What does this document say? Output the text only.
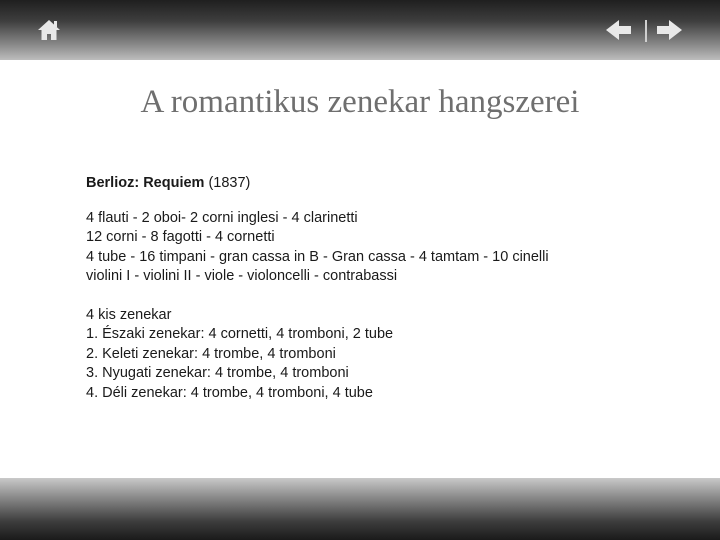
A romantikus zenekar hangszerei
Berlioz: Requiem (1837)
4 flauti - 2 oboi- 2 corni inglesi - 4 clarinetti
12 corni - 8 fagotti - 4 cornetti
4 tube - 16 timpani - gran cassa in B - Gran cassa - 4 tamtam - 10 cinelli
violini I - violini II - viole - violoncelli - contrabassi
4 kis zenekar
1. Északi zenekar: 4 cornetti, 4 tromboni, 2 tube
2. Keleti zenekar: 4 trombe, 4 tromboni
3. Nyugati zenekar: 4 trombe, 4 tromboni
4. Déli zenekar: 4 trombe, 4 tromboni, 4 tube
